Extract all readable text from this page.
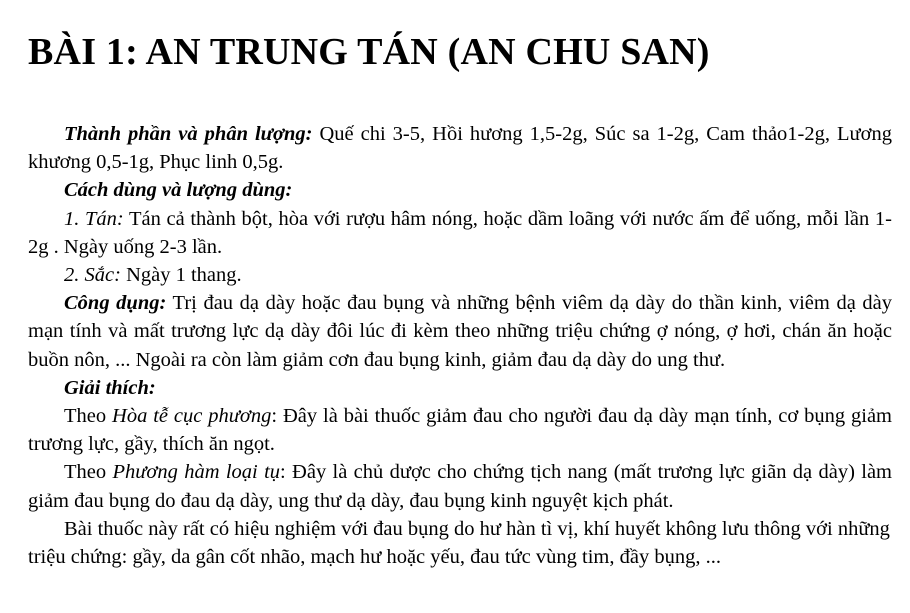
BÀI 1: AN TRUNG TÁN (AN CHU SAN)

Thành phần và phân lượng: Quế chi 3-5, Hồi hương 1,5-2g, Súc sa 1-2g, Cam thảo1-2g, Lương khương 0,5-1g, Phục linh 0,5g.

Cách dùng và lượng dùng:

1. Tán: Tán cả thành bột, hòa với rượu hâm nóng, hoặc dầm loãng với nước ấm để uống, mỗi lần 1-2g . Ngày uống 2-3 lần.

2. Sắc: Ngày 1 thang.

Công dụng: Trị đau dạ dày hoặc đau bụng và những bệnh viêm dạ dày do thần kinh, viêm dạ dày mạn tính và mất trương lực dạ dày đôi lúc đi kèm theo những triệu chứng ợ nóng, ợ hơi, chán ăn hoặc buồn nôn, ... Ngoài ra còn làm giảm cơn đau bụng kinh, giảm đau dạ dày do ung thư.

Giải thích:

Theo Hòa tễ cục phương: Đây là bài thuốc giảm đau cho người đau dạ dày mạn tính, cơ bụng giảm trương lực, gầy, thích ăn ngọt.

Theo Phương hàm loại tụ: Đây là chủ dược cho chứng tịch nang (mất trương lực giãn dạ dày) làm giảm đau bụng do đau dạ dày, ung thư dạ dày, đau bụng kinh nguyệt kịch phát.

Bài thuốc này rất có hiệu nghiệm với đau bụng do hư hàn tì vị, khí huyết không lưu thông với những triệu chứng: gầy, da gân cốt nhão, mạch hư hoặc yếu, đau tức vùng tim, đầy bụng, ...
